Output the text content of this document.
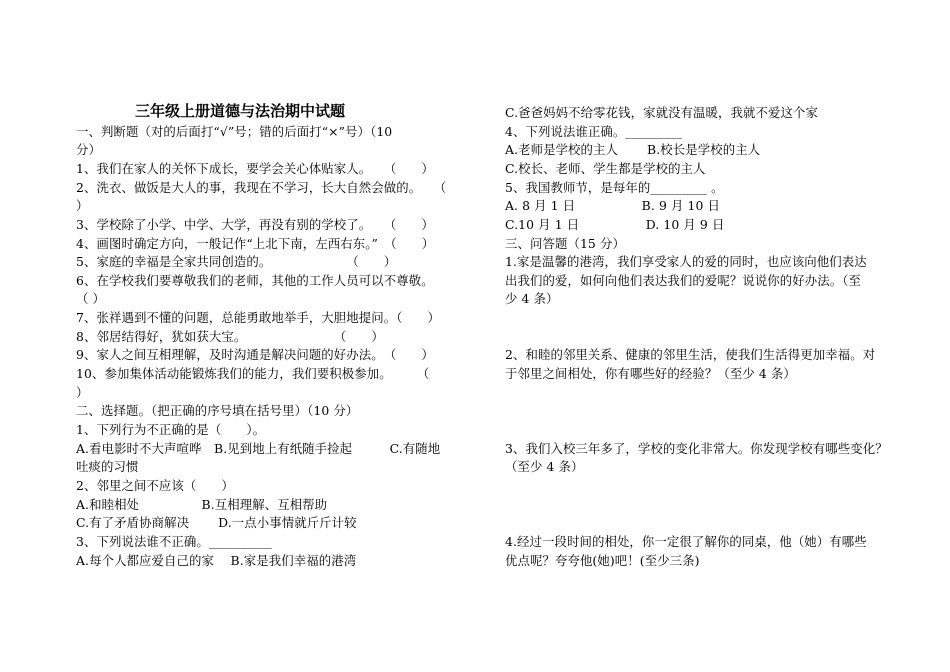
三年级上册道德与法治期中试题
一、判断题（对的后面打“√”号；错的后面打“×”号）（10
分）
1、我们在家人的关怀下成长，要学会关心体贴家人。　　（　　）
2、洗衣、做饭是大人的事，我现在不学习，长大自然会做的。　　（
）
3、学校除了小学、中学、大学，再没有别的学校了。　　（　　）
4、画图时确定方向，一般记作“上北下南，左西右东。”　（　　）
5、家庭的幸福是全家共同创造的。　　　　　　　（　　）
6、在学校我们要尊敬我们的老师，其他的工作人员可以不尊敬。
（ ）
7、张祥遇到不懂的问题，总能勇敢地举手，大胆地提问。（　　）
8、邻居结得好，犹如获大宝。　　　　　　　　（　　）
9、家人之间互相理解，及时沟通是解决问题的好办法。　（　　）
10、参加集体活动能锻炼我们的能力，我们要积极参加。　　　（
）
二、选择题。（把正确的序号填在括号里）（10 分）
1、下列行为不正确的是（　　）。
A.看电影时不大声喧哗　B.见到地上有纸随手捡起　　　C.有随地
吐痰的习惯
2、邻里之间不应该（　　）
A.和睦相处　　　　　B.互相理解、互相帮助
C.有了矛盾协商解决　　 D.一点小事情就斤斤计较
3、下列说法谁不正确。__________
A.每个人都应爱自己的家　 B.家是我们幸福的港湾
C.爸爸妈妈不给零花钱，家就没有温暖，我就不爱这个家
4、下列说法谁正确。_________
A.老师是学校的主人　　 B.校长是学校的主人
C.校长、老师、学生都是学校的主人
5、我国教师节，是每年的_________ 。
A. 8 月 1 日　　　　　 B. 9 月 10 日
C.10 月 1 日　　　　　 D. 10 月 9 日
三、问答题（15 分）
1.家是温馨的港湾，我们享受家人的爱的同时，也应该向他们表达
出我们的爱，如何向他们表达我们的爱呢？说说你的好办法。（至
少 4 条）
2、和睦的邻里关系、健康的邻里生活，使我们生活得更加幸福。对
于邻里之间相处，你有哪些好的经验？（至少 4 条）
3、我们入校三年多了，学校的变化非常大。你发现学校有哪些变化？
（至少 4 条）
4.经过一段时间的相处，你一定很了解你的同桌，他（她）有哪些
优点呢？夸夸他(她)吧！(至少三条)
